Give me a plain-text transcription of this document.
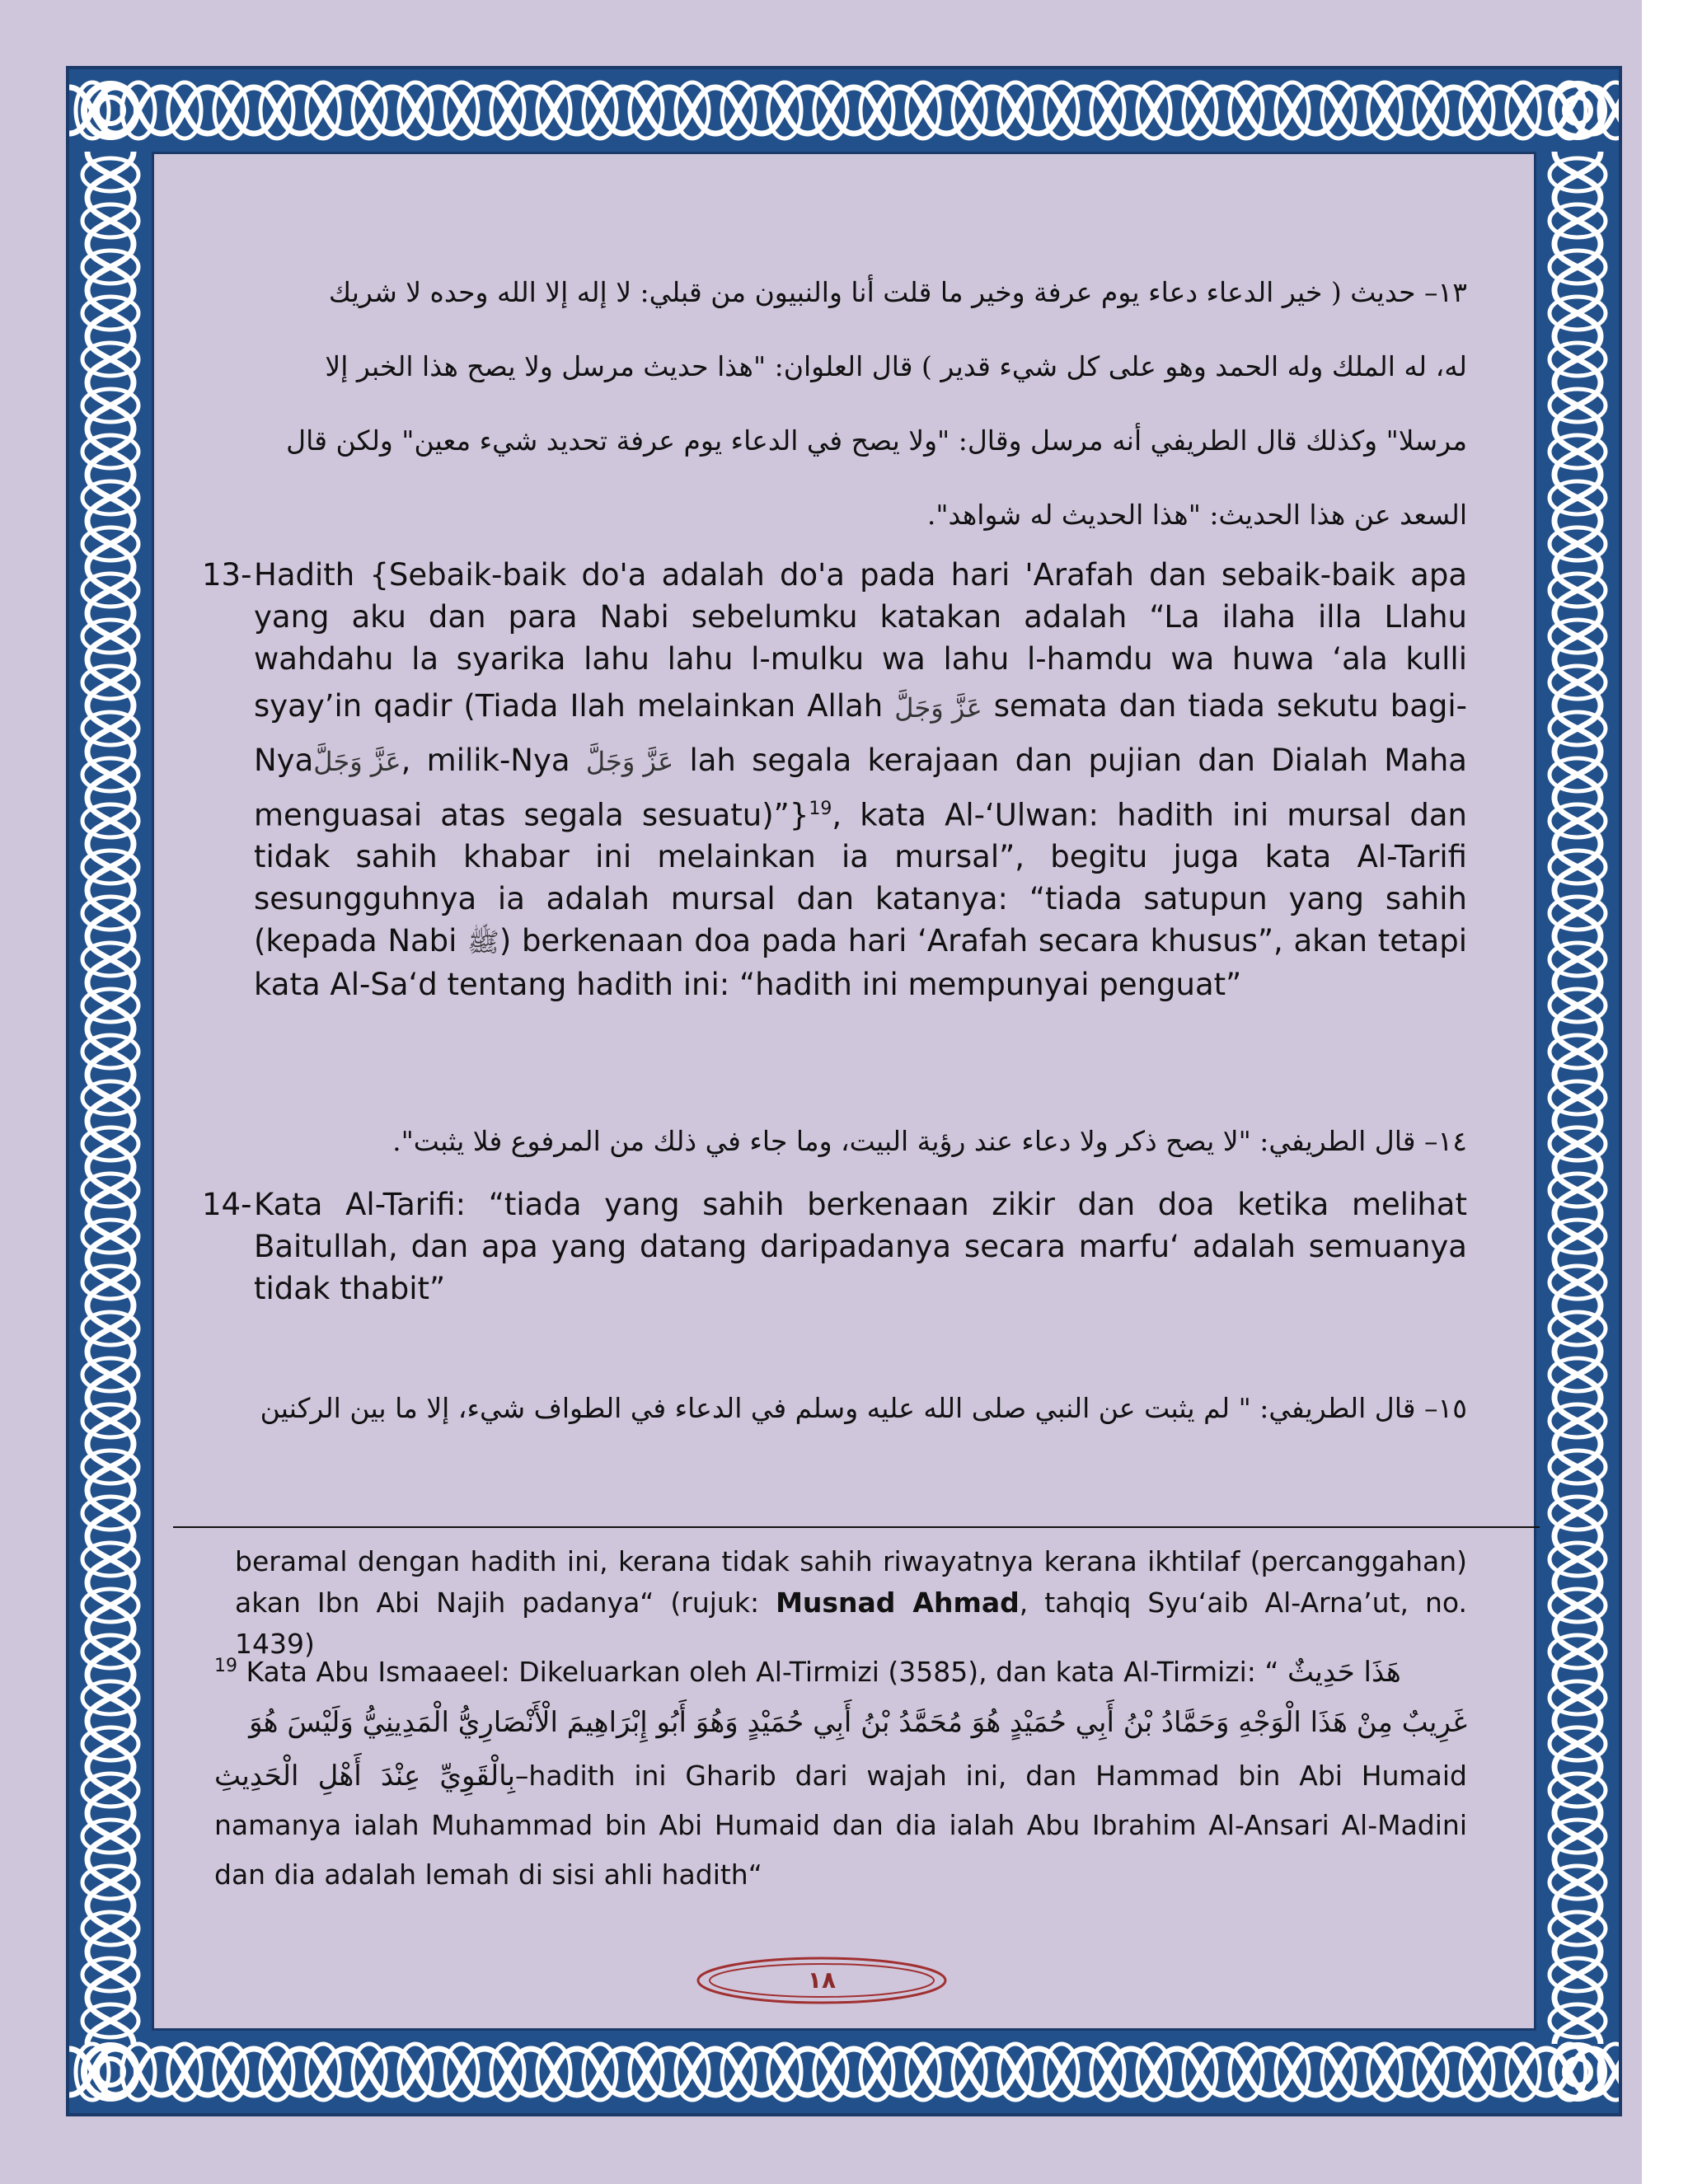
١٣– حديث ( خير الدعاء دعاء يوم عرفة وخير ما قلت أنا والنبيون من قبلي: لا إله إلا الله وحده لا شريك

له، له الملك وله الحمد وهو على كل شيء قدير ) قال العلوان: "هذا حديث مرسل ولا يصح هذا الخبر إلا

مرسلا" وكذلك قال الطريفي أنه مرسل وقال: "ولا يصح في الدعاء يوم عرفة تحديد شيء معين" ولكن قال

السعد عن هذا الحديث: "هذا الحديث له شواهد".

13- Hadith {Sebaik-baik do'a adalah do'a pada hari 'Arafah dan sebaik-baik apa yang aku dan para Nabi sebelumku katakan adalah “La ilaha illa Llahu wahdahu la syarika lahu lahu l-mulku wa lahu l-hamdu wa huwa ‘ala kulli syay’in qadir (Tiada Ilah melainkan Allah عَزَّ وَجَلَّ semata dan tiada sekutu bagi- Nyaعَزَّ وَجَلَّ, milik-Nya عَزَّ وَجَلَّ lah segala kerajaan dan pujian dan Dialah Maha menguasai atas segala sesuatu)”}$^{19}$, kata Al-‘Ulwan: hadith ini mursal dan tidak sahih khabar ini melainkan ia mursal”, begitu juga kata Al-Tarifi sesungguhnya ia adalah mursal dan katanya: “tiada satupun yang sahih (kepada Nabi ﷺ) berkenaan doa pada hari ‘Arafah secara khusus”, akan tetapi kata Al-Sa‘d tentang hadith ini: “hadith ini mempunyai penguat”

١٤– قال الطريفي: "لا يصح ذكر ولا دعاء عند رؤية البيت، وما جاء في ذلك من المرفوع فلا يثبت".

14- Kata Al-Tarifi: “tiada yang sahih berkenaan zikir dan doa ketika melihat Baitullah, dan apa yang datang daripadanya secara marfu‘ adalah semuanya tidak thabit”

١٥– قال الطريفي: " لم يثبت عن النبي صلى الله عليه وسلم في الدعاء في الطواف شيء، إلا ما بين الركنين

beramal dengan hadith ini, kerana tidak sahih riwayatnya kerana ikhtilaf (percanggahan) akan Ibn Abi Najih padanya“ (rujuk: Musnad Ahmad, tahqiq Syu‘aib Al-Arna’ut, no. 1439)
$^{19}$ Kata Abu Ismaaeel: Dikeluarkan oleh Al-Tirmizi (3585), dan kata Al-Tirmizi: “ هَذَا حَدِيثٌ
غَرِيبٌ مِنْ هَذَا الْوَجْهِ وَحَمَّادُ بْنُ أَبِي حُمَيْدٍ هُوَ مُحَمَّدُ بْنُ أَبِي حُمَيْدٍ وَهُوَ أَبُو إِبْرَاهِيمَ الْأَنْصَارِيُّ الْمَدِينِيُّ وَلَيْسَ هُوَ
بِالْقَوِيِّ عِنْدَ أَهْلِ الْحَدِيثِ–hadith ini Gharib dari wajah ini, dan Hammad bin Abi Humaid namanya ialah Muhammad bin Abi Humaid dan dia ialah Abu Ibrahim Al-Ansari Al-Madini dan dia adalah lemah di sisi ahli hadith“
١٨
